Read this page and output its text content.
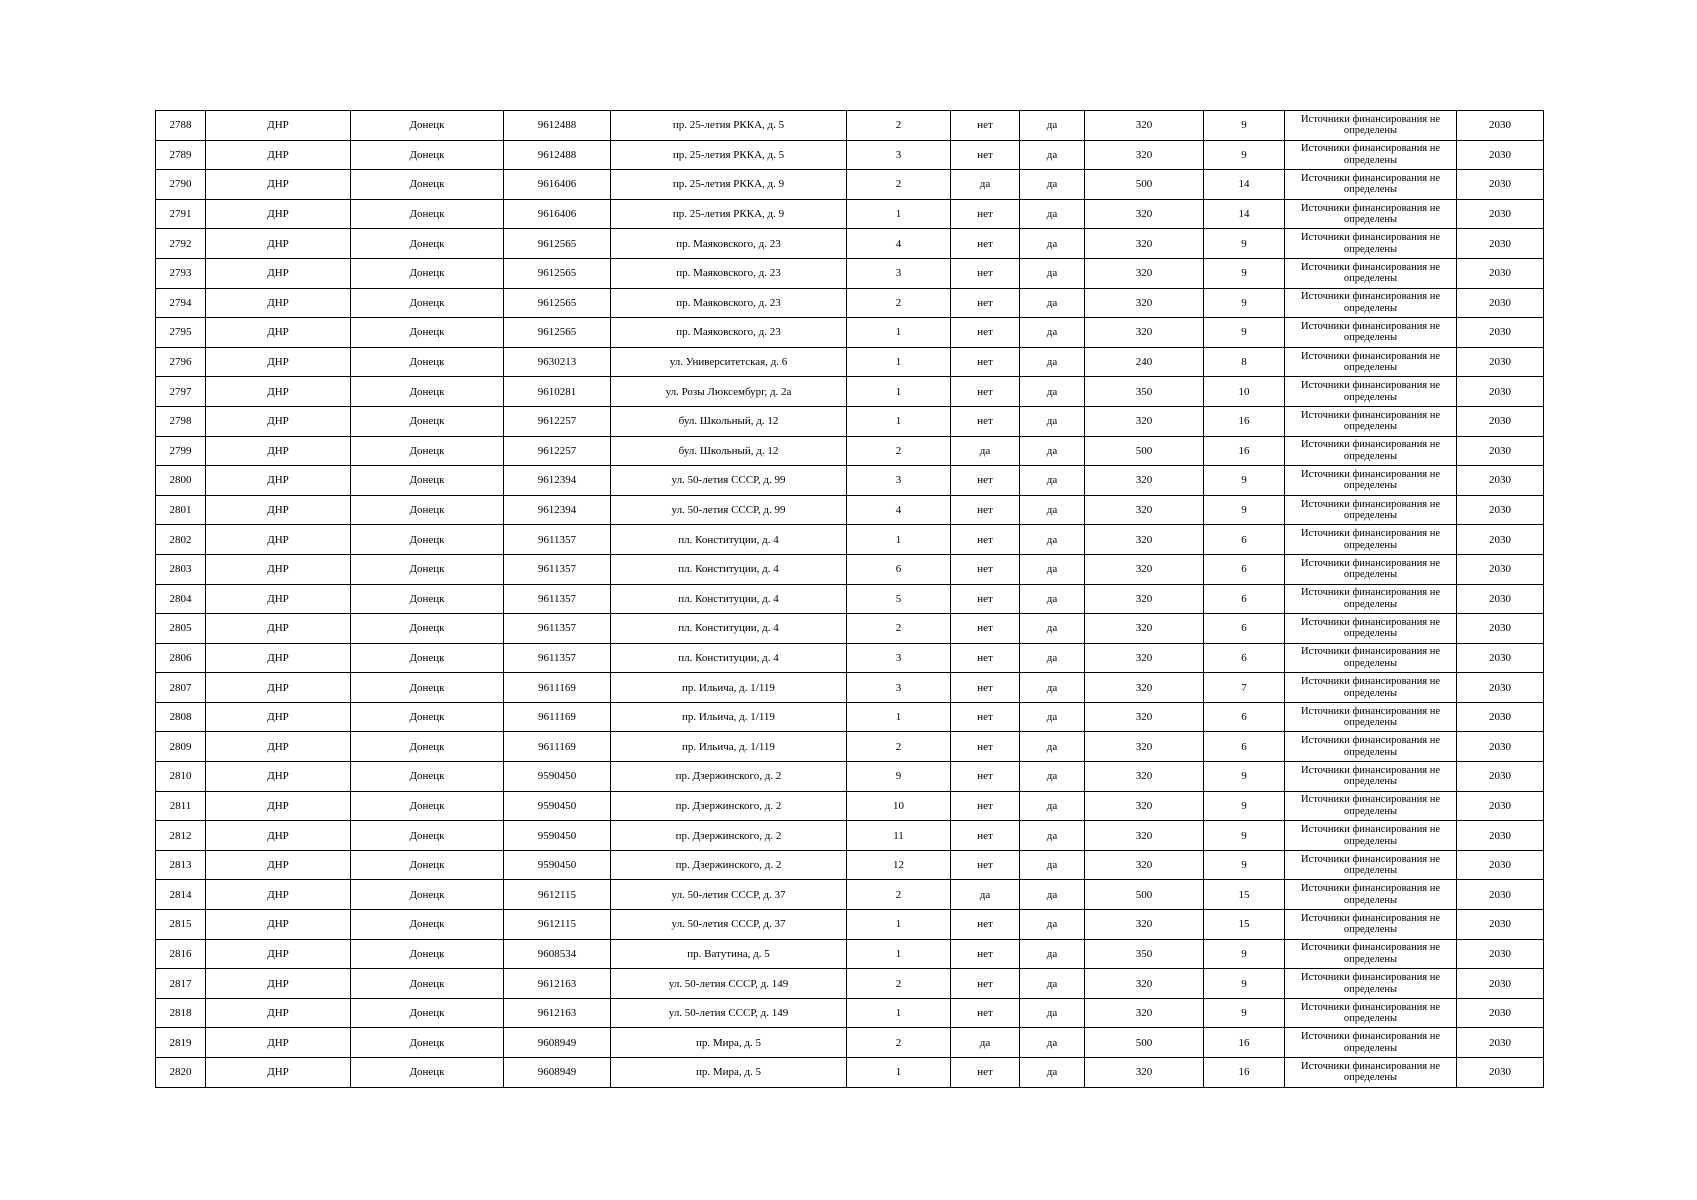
2788	ДНР	Донецк	9612488	пр. 25-летия РККА, д. 5	2	нет	да	320	9	Источники финансирования не определены	2030
2789	ДНР	Донецк	9612488	пр. 25-летия РККА, д. 5	3	нет	да	320	9	Источники финансирования не определены	2030
2790	ДНР	Донецк	9616406	пр. 25-летия РККА, д. 9	2	да	да	500	14	Источники финансирования не определены	2030
2791	ДНР	Донецк	9616406	пр. 25-летия РККА, д. 9	1	нет	да	320	14	Источники финансирования не определены	2030
2792	ДНР	Донецк	9612565	пр. Маяковского, д. 23	4	нет	да	320	9	Источники финансирования не определены	2030
2793	ДНР	Донецк	9612565	пр. Маяковского, д. 23	3	нет	да	320	9	Источники финансирования не определены	2030
2794	ДНР	Донецк	9612565	пр. Маяковского, д. 23	2	нет	да	320	9	Источники финансирования не определены	2030
2795	ДНР	Донецк	9612565	пр. Маяковского, д. 23	1	нет	да	320	9	Источники финансирования не определены	2030
2796	ДНР	Донецк	9630213	ул. Университетская, д. 6	1	нет	да	240	8	Источники финансирования не определены	2030
2797	ДНР	Донецк	9610281	ул. Розы Люксембург, д. 2а	1	нет	да	350	10	Источники финансирования не определены	2030
2798	ДНР	Донецк	9612257	бул. Школьный, д. 12	1	нет	да	320	16	Источники финансирования не определены	2030
2799	ДНР	Донецк	9612257	бул. Школьный, д. 12	2	да	да	500	16	Источники финансирования не определены	2030
2800	ДНР	Донецк	9612394	ул. 50-летия СССР, д. 99	3	нет	да	320	9	Источники финансирования не определены	2030
2801	ДНР	Донецк	9612394	ул. 50-летия СССР, д. 99	4	нет	да	320	9	Источники финансирования не определены	2030
2802	ДНР	Донецк	9611357	пл. Конституции, д. 4	1	нет	да	320	6	Источники финансирования не определены	2030
2803	ДНР	Донецк	9611357	пл. Конституции, д. 4	6	нет	да	320	6	Источники финансирования не определены	2030
2804	ДНР	Донецк	9611357	пл. Конституции, д. 4	5	нет	да	320	6	Источники финансирования не определены	2030
2805	ДНР	Донецк	9611357	пл. Конституции, д. 4	2	нет	да	320	6	Источники финансирования не определены	2030
2806	ДНР	Донецк	9611357	пл. Конституции, д. 4	3	нет	да	320	6	Источники финансирования не определены	2030
2807	ДНР	Донецк	9611169	пр. Ильича, д. 1/119	3	нет	да	320	7	Источники финансирования не определены	2030
2808	ДНР	Донецк	9611169	пр. Ильича, д. 1/119	1	нет	да	320	6	Источники финансирования не определены	2030
2809	ДНР	Донецк	9611169	пр. Ильича, д. 1/119	2	нет	да	320	6	Источники финансирования не определены	2030
2810	ДНР	Донецк	9590450	пр. Дзержинского, д. 2	9	нет	да	320	9	Источники финансирования не определены	2030
2811	ДНР	Донецк	9590450	пр. Дзержинского, д. 2	10	нет	да	320	9	Источники финансирования не определены	2030
2812	ДНР	Донецк	9590450	пр. Дзержинского, д. 2	11	нет	да	320	9	Источники финансирования не определены	2030
2813	ДНР	Донецк	9590450	пр. Дзержинского, д. 2	12	нет	да	320	9	Источники финансирования не определены	2030
2814	ДНР	Донецк	9612115	ул. 50-летия СССР, д. 37	2	да	да	500	15	Источники финансирования не определены	2030
2815	ДНР	Донецк	9612115	ул. 50-летия СССР, д. 37	1	нет	да	320	15	Источники финансирования не определены	2030
2816	ДНР	Донецк	9608534	пр. Ватутина, д. 5	1	нет	да	350	9	Источники финансирования не определены	2030
2817	ДНР	Донецк	9612163	ул. 50-летия СССР, д. 149	2	нет	да	320	9	Источники финансирования не определены	2030
2818	ДНР	Донецк	9612163	ул. 50-летия СССР, д. 149	1	нет	да	320	9	Источники финансирования не определены	2030
2819	ДНР	Донецк	9608949	пр. Мира, д. 5	2	да	да	500	16	Источники финансирования не определены	2030
2820	ДНР	Донецк	9608949	пр. Мира, д. 5	1	нет	да	320	16	Источники финансирования не определены	2030
